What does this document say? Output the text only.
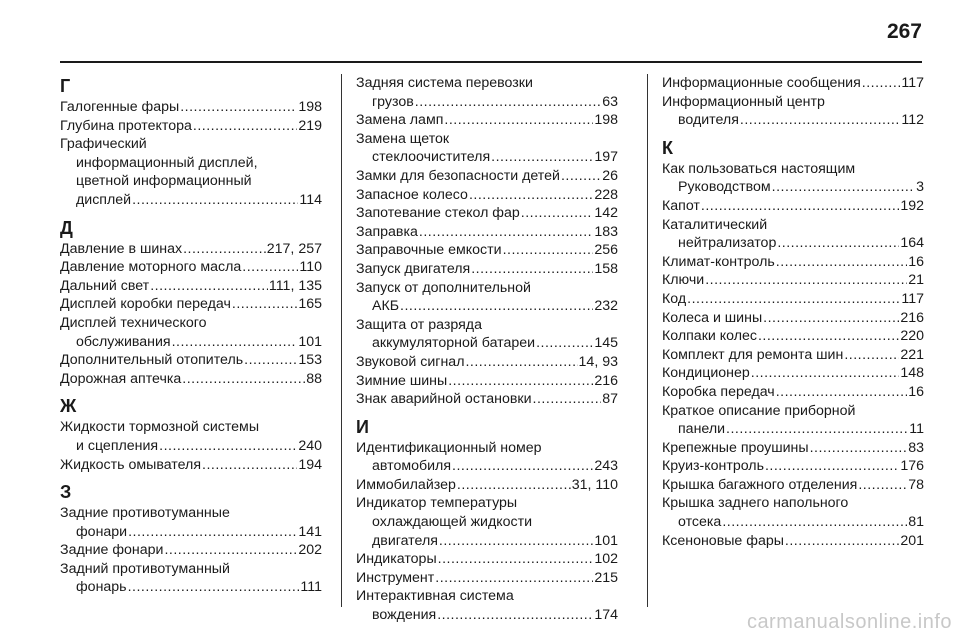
267
Г
Галогенные фары .....	198
Глубина протектора .....	219
Графический
информационный дисплей,
цветной информационный
дисплей .....	114
Д
Давление в шинах .....	217, 257
Давление моторного масла .....	110
Дальний свет .....	111, 135
Дисплей коробки передач .....	165
Дисплей технического
обслуживания .....	101
Дополнительный отопитель .....	153
Дорожная аптечка .....	88
Ж
Жидкости тормозной системы
и сцепления .....	240
Жидкость омывателя .....	194
З
Задние противотуманные
фонари .....	141
Задние фонари .....	202
Задний противотуманный
фонарь .....	111
Задняя система перевозки
грузов .....	63
Замена ламп .....	198
Замена щеток
стеклоочистителя .....	197
Замки для безопасности детей .....	26
Запасное колесо .....	228
Запотевание стекол фар .....	142
Заправка .....	183
Заправочные емкости .....	256
Запуск двигателя .....	158
Запуск от дополнительной
АКБ .....	232
Защита от разряда
аккумуляторной батареи .....	145
Звуковой сигнал .....	14, 93
Зимние шины .....	216
Знак аварийной остановки .....	87
И
Идентификационный номер
автомобиля .....	243
Иммобилайзер .....	31, 110
Индикатор температуры
охлаждающей жидкости
двигателя .....	101
Индикаторы .....	102
Инструмент .....	215
Интерактивная система
вождения .....	174
Информационные сообщения .....	117
Информационный центр
водителя .....	112
К
Как пользоваться настоящим
Руководством .....	3
Капот .....	192
Каталитический
нейтрализатор .....	164
Климат-контроль .....	16
Ключи .....	21
Код .....	117
Колеса и шины .....	216
Колпаки колес .....	220
Комплект для ремонта шин .....	221
Кондиционер .....	148
Коробка передач .....	16
Краткое описание приборной
панели .....	11
Крепежные проушины .....	83
Круиз-контроль .....	176
Крышка багажного отделения .....	78
Крышка заднего напольного
отсека .....	81
Ксеноновые фары .....	201
carmanualsonline.info
